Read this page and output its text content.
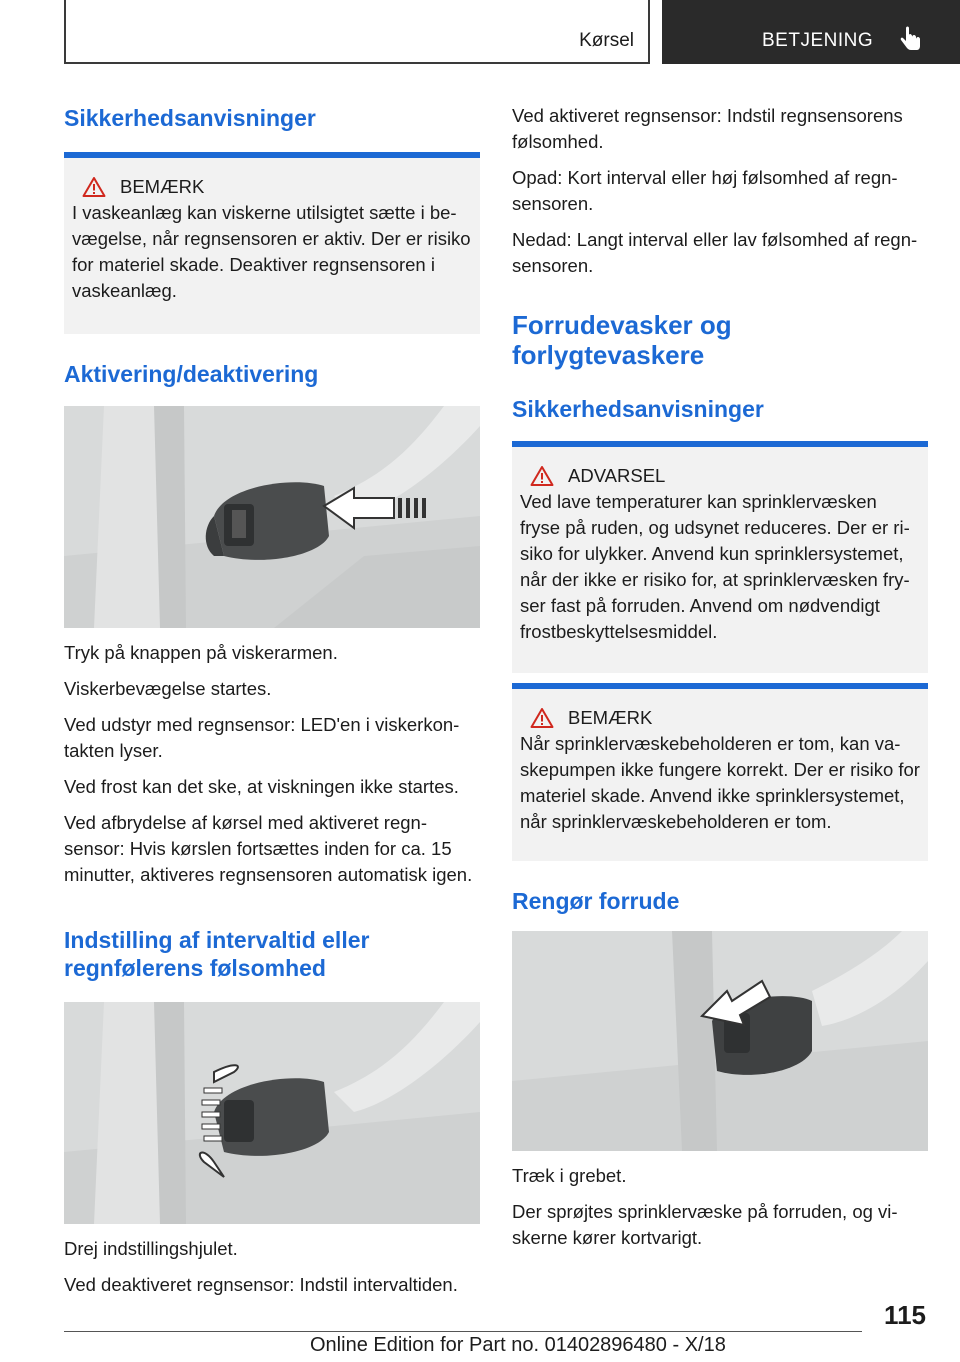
Kørsel	BETJENING
Sikkerhedsanvisninger
BEMÆRK

I vaskeanlæg kan viskerne utilsigtet sætte i bevægelse, når regnsensoren er aktiv. Der er risiko for materiel skade. Deaktiver regnsensoren i vaskeanlæg.

Aktivering/deaktivering

Tryk på knappen på viskerarmen.

Viskerbevægelse startes.

Ved udstyr med regnsensor: LED'en i viskerkontakten lyser.

Ved frost kan det ske, at viskningen ikke startes.

Ved afbrydelse af kørsel med aktiveret regnsensor: Hvis kørslen fortsættes inden for ca. 15 minutter, aktiveres regnsensoren automatisk igen.

Indstilling af intervaltid eller regnfølerens følsomhed

Drej indstillingshjulet.

Ved deaktiveret regnsensor: Indstil intervaltiden.

Ved aktiveret regnsensor: Indstil regnsensorens følsomhed.

Opad: Kort interval eller høj følsomhed af regnsensoren.

Nedad: Langt interval eller lav følsomhed af regnsensoren.

Forrudevasker og forlygtevaskere
Sikkerhedsanvisninger
ADVARSEL

Ved lave temperaturer kan sprinklervæsken fryse på ruden, og udsynet reduceres. Der er risiko for ulykker. Anvend kun sprinklersystemet, når der ikke er risiko for, at sprinklervæsken fryser fast på forruden. Anvend om nødvendigt frostbeskyttelsesmiddel.

BEMÆRK

Når sprinklervæskebeholderen er tom, kan vaskepumpen ikke fungere korrekt. Der er risiko for materiel skade. Anvend ikke sprinklersystemet, når sprinklervæskebeholderen er tom.

Rengør forrude

Træk i grebet.

Der sprøjtes sprinklervæske på forruden, og viskerne kører kortvarigt.

115
Online Edition for Part no. 01402896480 - X/18
